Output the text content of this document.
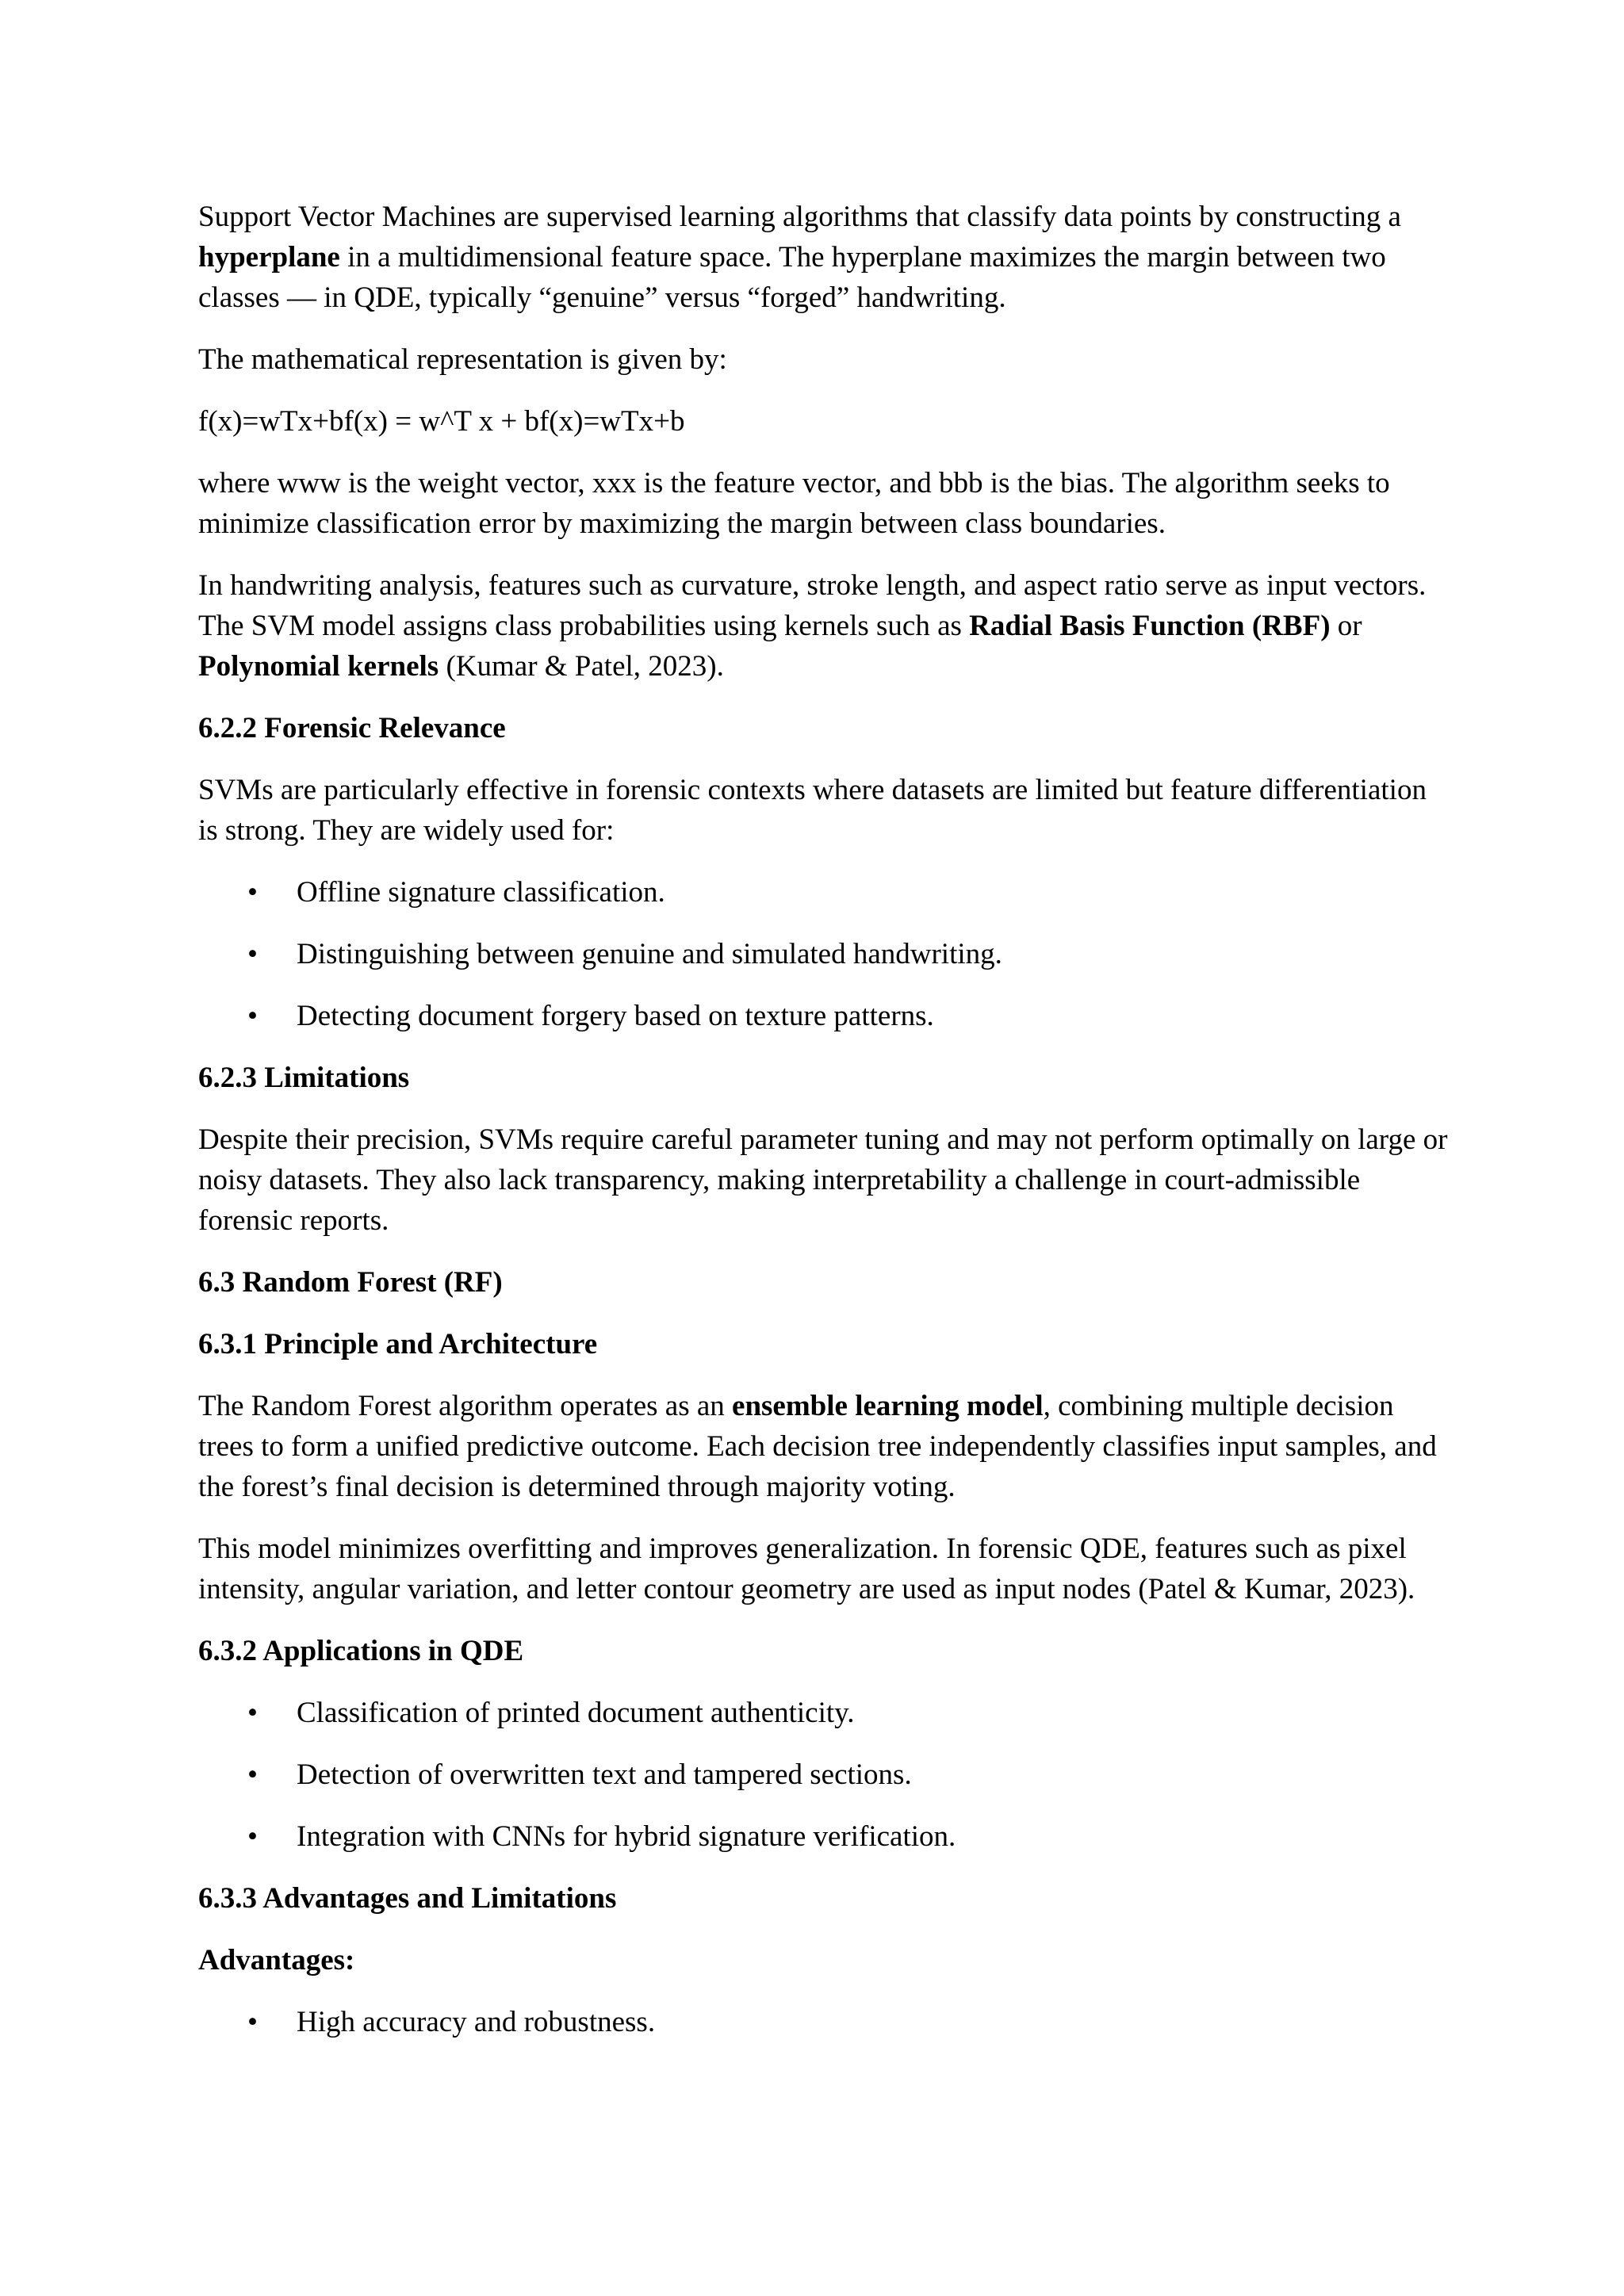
Support Vector Machines are supervised learning algorithms that classify data points by constructing a hyperplane in a multidimensional feature space. The hyperplane maximizes the margin between two classes — in QDE, typically “genuine” versus “forged” handwriting.

The mathematical representation is given by:

f(x)=wTx+bf(x) = w^T x + bf(x)=wTx+b

where www is the weight vector, xxx is the feature vector, and bbb is the bias. The algorithm seeks to minimize classification error by maximizing the margin between class boundaries.

In handwriting analysis, features such as curvature, stroke length, and aspect ratio serve as input vectors. The SVM model assigns class probabilities using kernels such as Radial Basis Function (RBF) or Polynomial kernels (Kumar & Patel, 2023).

6.2.2 Forensic Relevance

SVMs are particularly effective in forensic contexts where datasets are limited but feature differentiation is strong. They are widely used for:

• Offline signature classification.
• Distinguishing between genuine and simulated handwriting.
• Detecting document forgery based on texture patterns.
6.2.3 Limitations

Despite their precision, SVMs require careful parameter tuning and may not perform optimally on large or noisy datasets. They also lack transparency, making interpretability a challenge in court-admissible forensic reports.

6.3 Random Forest (RF)
6.3.1 Principle and Architecture

The Random Forest algorithm operates as an ensemble learning model, combining multiple decision trees to form a unified predictive outcome. Each decision tree independently classifies input samples, and the forest’s final decision is determined through majority voting.

This model minimizes overfitting and improves generalization. In forensic QDE, features such as pixel intensity, angular variation, and letter contour geometry are used as input nodes (Patel & Kumar, 2023).

6.3.2 Applications in QDE
• Classification of printed document authenticity.
• Detection of overwritten text and tampered sections.
• Integration with CNNs for hybrid signature verification.
6.3.3 Advantages and Limitations

Advantages:

• High accuracy and robustness.
